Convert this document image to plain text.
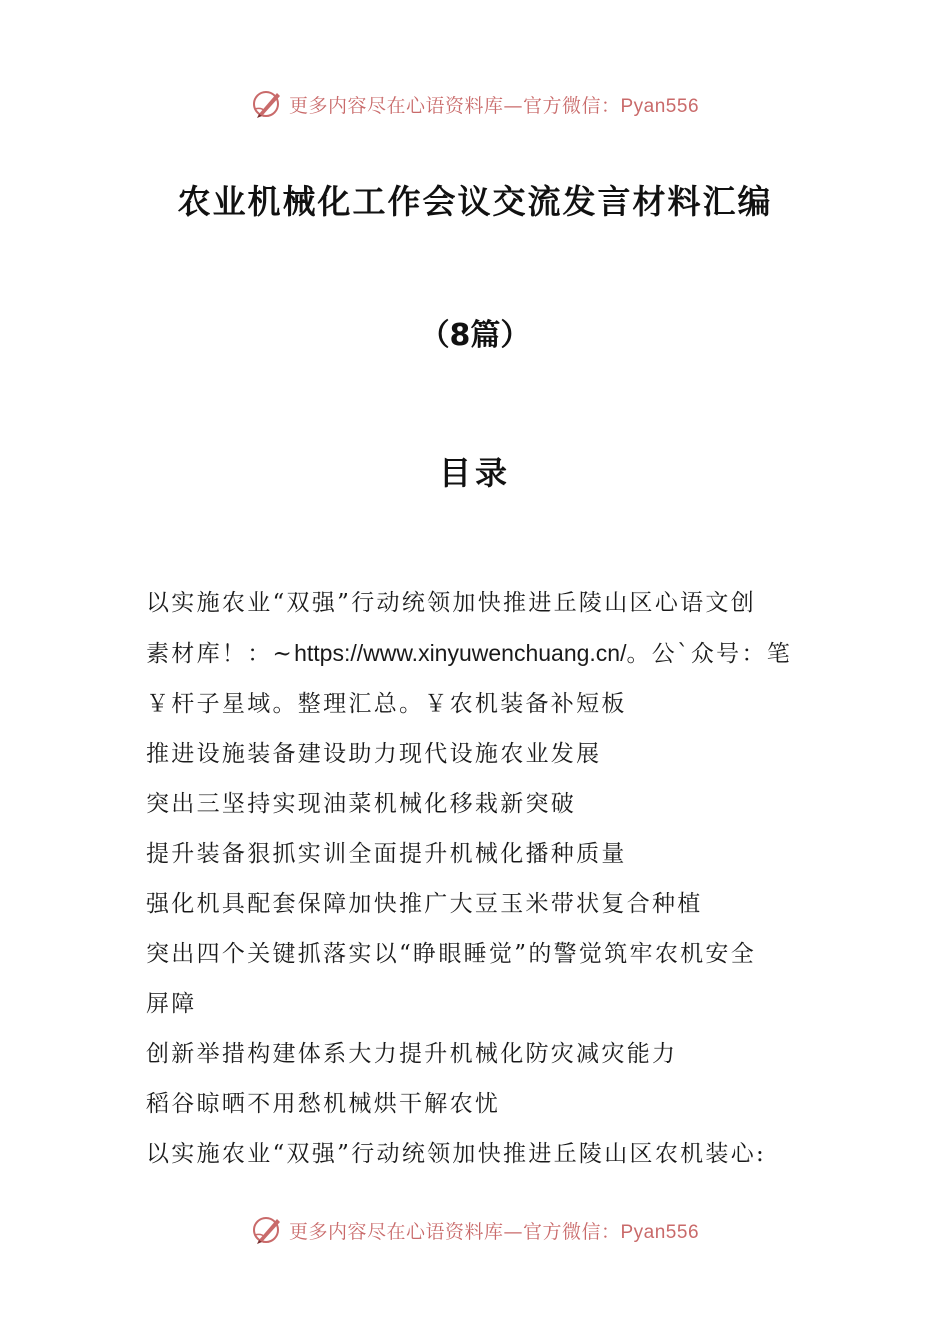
更多内容尽在心语资料库—官方微信：Pyan556
农业机械化工作会议交流发言材料汇编
（8篇）
目录
以实施农业“双强”行动统领加快推进丘陵山区心语文创
素材库！：~https://www.xinyuwenchuang.cn/。公`众号：笔
￥杆子星域。整理汇总。￥农机装备补短板
推进设施装备建设助力现代设施农业发展
突出三坚持实现油菜机械化移栽新突破
提升装备狠抓实训全面提升机械化播种质量
强化机具配套保障加快推广大豆玉米带状复合种植
突出四个关键抓落实以“睁眼睡觉”的警觉筑牢农机安全
屏障
创新举措构建体系大力提升机械化防灾减灾能力
稻谷晾晒不用愁机械烘干解农忧
以实施农业“双强”行动统领加快推进丘陵山区农机装心:
更多内容尽在心语资料库—官方微信：Pyan556
